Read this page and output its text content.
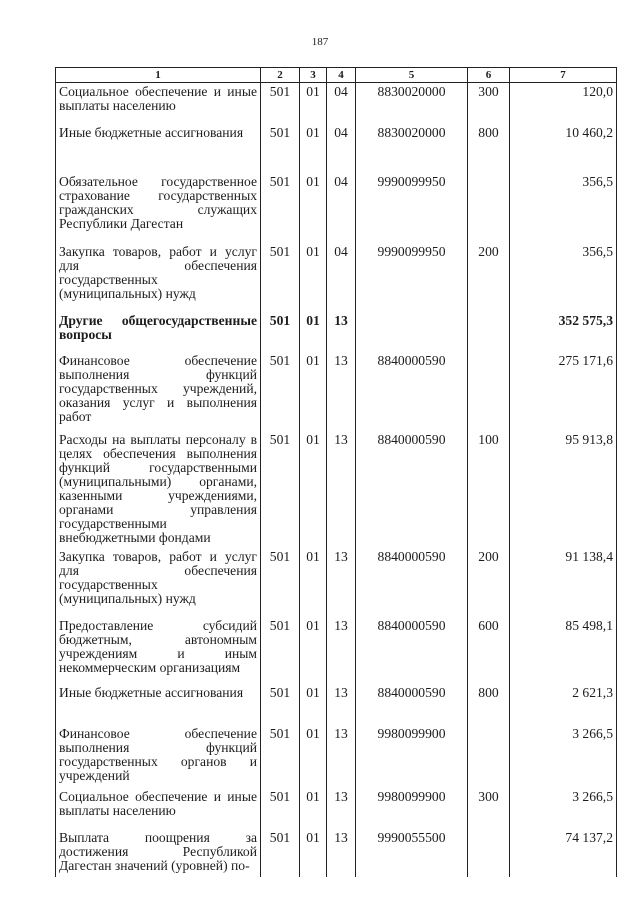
187
1	2	3	4	5	6	7
Социальное обеспечение и иные выплаты населению	501	01	04	8830020000	300	120,0
Иные бюджетные ассигнования	501	01	04	8830020000	800	10 460,2
Обязательное государственное страхование государственных гражданских служащих Республики Дагестан	501	01	04	9990099950		356,5
Закупка товаров, работ и услуг для обеспечения государственных (муниципальных) нужд	501	01	04	9990099950	200	356,5
Другие общегосударственные вопросы	501	01	13			352 575,3
Финансовое обеспечение выполнения функций государственных учреждений, оказания услуг и выполнения работ	501	01	13	8840000590		275 171,6
Расходы на выплаты персоналу в целях обеспечения выполнения функций государственными (муниципальными) органами, казенными учреждениями, органами управления государственными внебюджетными фондами	501	01	13	8840000590	100	95 913,8
Закупка товаров, работ и услуг для обеспечения государственных (муниципальных) нужд	501	01	13	8840000590	200	91 138,4
Предоставление субсидий бюджетным, автономным учреждениям и иным некоммерческим организациям	501	01	13	8840000590	600	85 498,1
Иные бюджетные ассигнования	501	01	13	8840000590	800	2 621,3
Финансовое обеспечение выполнения функций государственных органов и учреждений	501	01	13	9980099900		3 266,5
Социальное обеспечение и иные выплаты населению	501	01	13	9980099900	300	3 266,5
Выплата поощрения за достижения Республикой Дагестан значений (уровней) по-	501	01	13	9990055500		74 137,2
